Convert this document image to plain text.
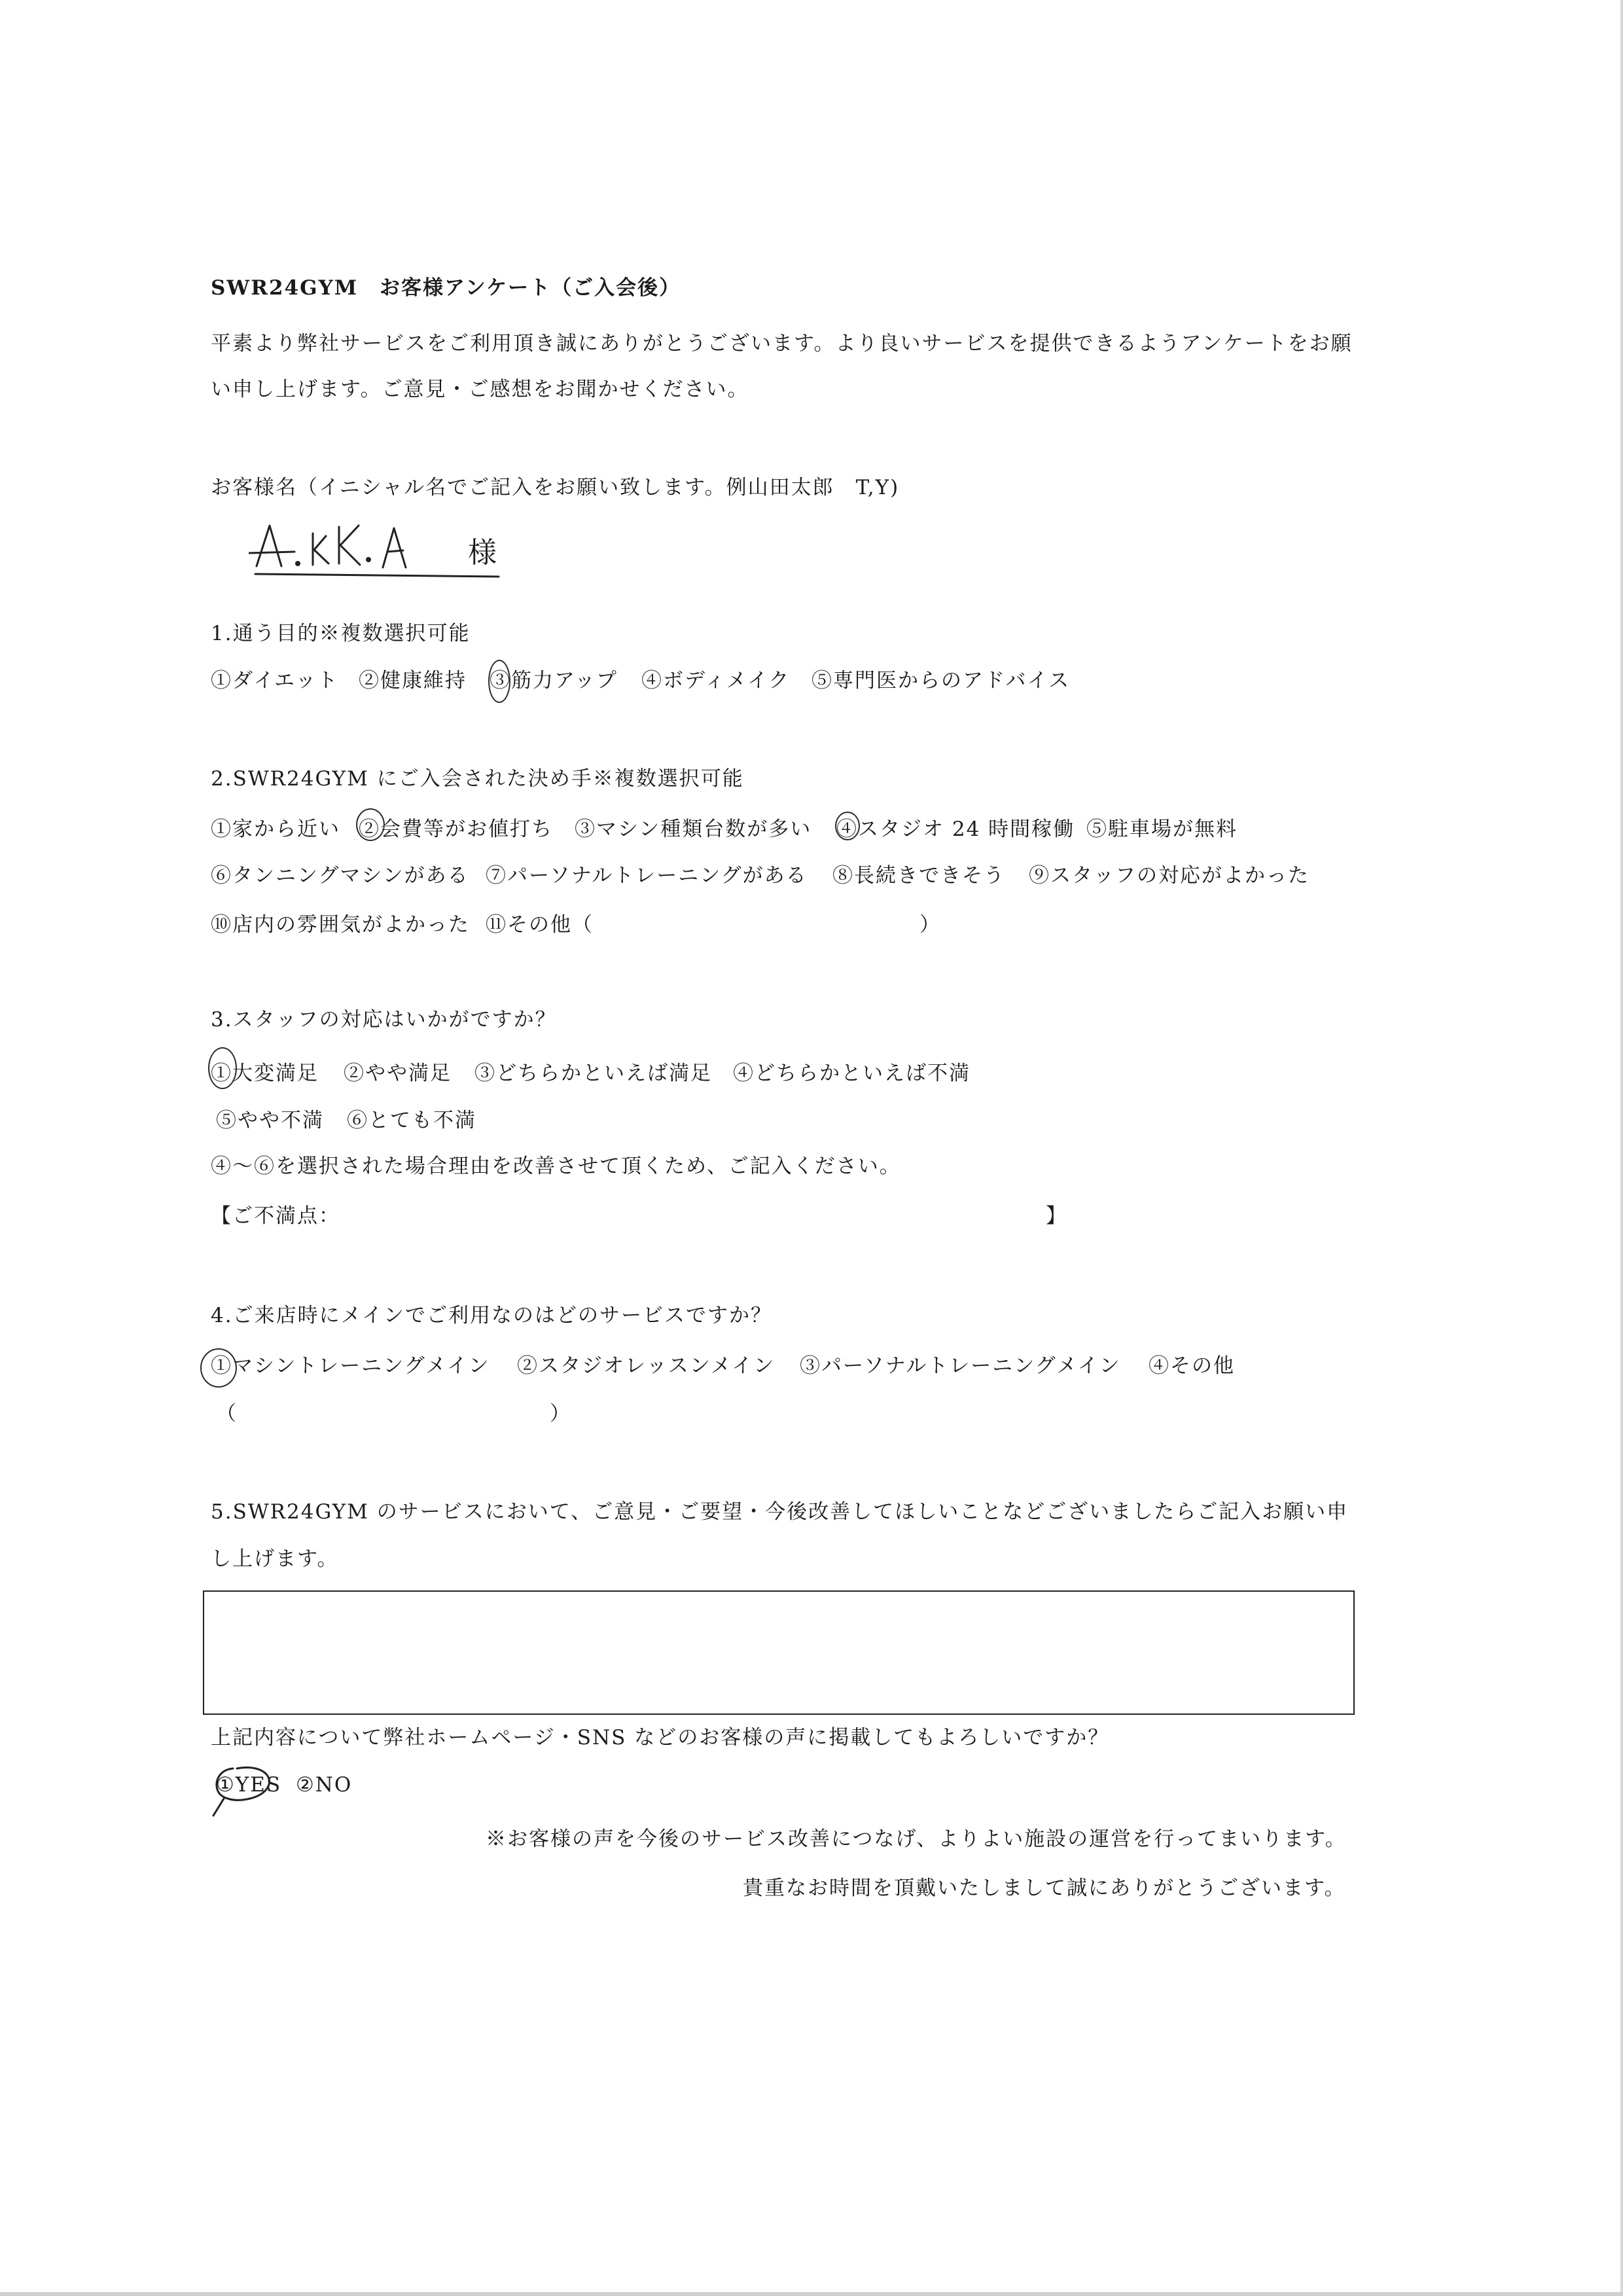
SWR24GYM　お客様アンケート（ご入会後）
平素より弊社サービスをご利用頂き誠にありがとうございます。より良いサービスを提供できるようアンケートをお願
い申し上げます。ご意見・ご感想をお聞かせください。
お客様名（イニシャル名でご記入をお願い致します。例山田太郎　T,Y)
様
1.通う目的※複数選択可能
①ダイエット ②健康維持 ③筋力アップ ④ボディメイク ⑤専門医からのアドバイス
2.SWR24GYM にご入会された決め手※複数選択可能
①家から近い ②会費等がお値打ち ③マシン種類台数が多い ④スタジオ 24 時間稼働 ⑤駐車場が無料
⑥タンニングマシンがある ⑦パーソナルトレーニングがある ⑧長続きできそう ⑨スタッフの対応がよかった
⑩店内の雰囲気がよかった ⑪その他（	）
3.スタッフの対応はいかがですか？
①大変満足 ②やや満足 ③どちらかといえば満足 ④どちらかといえば不満
⑤やや不満 ⑥とても不満
④〜⑥を選択された場合理由を改善させて頂くため、ご記入ください。
【ご不満点：	】
4.ご来店時にメインでご利用なのはどのサービスですか？
①マシントレーニングメイン ②スタジオレッスンメイン ③パーソナルトレーニングメイン ④その他
（	）
5.SWR24GYM のサービスにおいて、ご意見・ご要望・今後改善してほしいことなどございましたらご記入お願い申
し上げます。
上記内容について弊社ホームページ・SNS などのお客様の声に掲載してもよろしいですか？
①YES ②NO
※お客様の声を今後のサービス改善につなげ、よりよい施設の運営を行ってまいります。
貴重なお時間を頂戴いたしまして誠にありがとうございます。
